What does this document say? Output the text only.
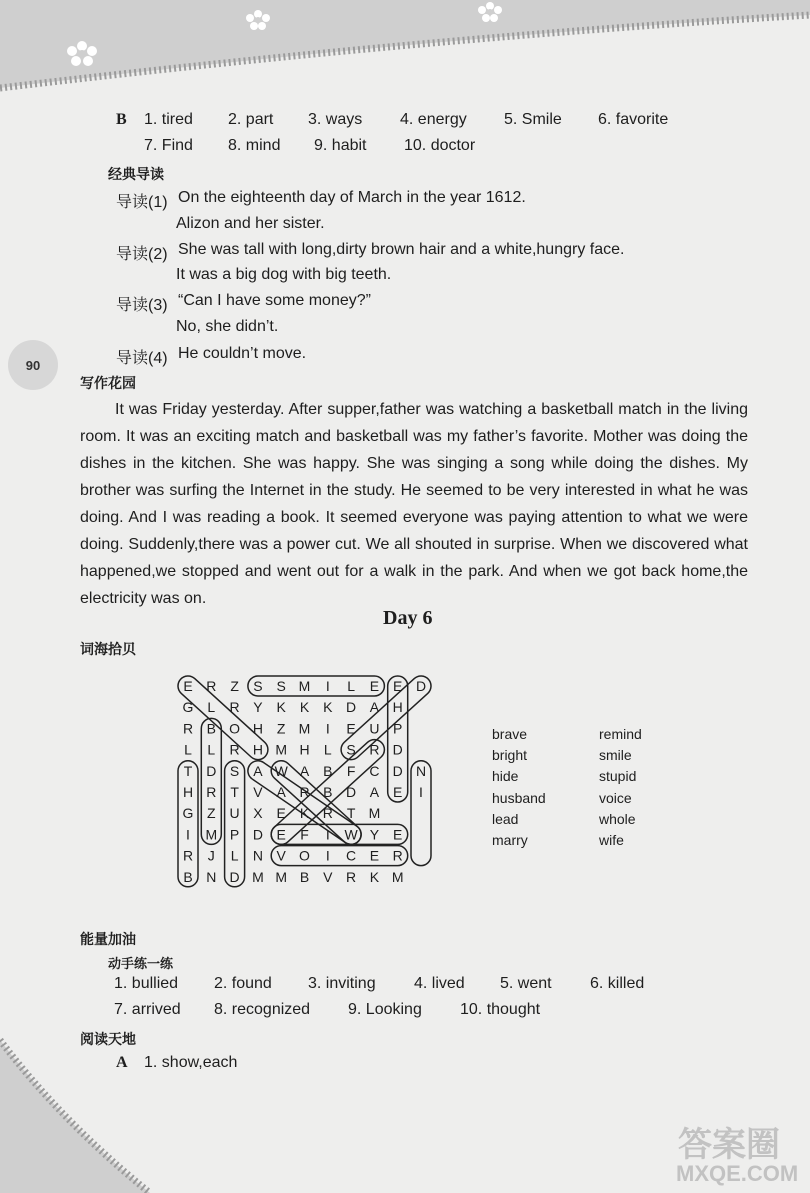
90
B 1. tired 2. part 3. ways 4. energy 5. Smile 6. favorite
7. Find 8. mind 9. habit 10. doctor
经典导读
导读(1) On the eighteenth day of March in the year 1612.
Alizon and her sister.
导读(2) She was tall with long,dirty brown hair and a white,hungry face.
It was a big dog with big teeth.
导读(3) “Can I have some money?”
No, she didn’t.
导读(4) He couldn’t move.
写作花园
It was Friday yesterday. After supper,father was watching a basketball match in the living room. It was an exciting match and basketball was my father’s favorite. Mother was doing the dishes in the kitchen. She was happy. She was singing a song while doing the dishes. My brother was surfing the Internet in the study. He seemed to be very interested in what he was doing. And I was reading a book. It seemed everyone was paying attention to what we were doing. Suddenly,there was a power cut. We all shouted in surprise. When we discovered what happened,we stopped and went out for a walk in the park. And when we got back home,the electricity was on.
Day 6
词海拾贝
E R Z S S M I L E E D
G L R Y K K K D A H
R B O H Z M I E U P
L L R H M H L S R D
T D S A W A B F C D N
H R T V A R B D A E I
G Z U X E K R T M
I M P D E F I W Y E
R J L N V O I C E R
B N D M M B V R K M
brave
bright
hide
husband
lead
marry
remind
smile
stupid
voice
whole
wife
能量加油
动手练一练
1. bullied 2. found 3. inviting 4. lived 5. went 6. killed
7. arrived 8. recognized 9. Looking 10. thought
阅读天地
A 1. show,each
答案圈
MXQE.COM
